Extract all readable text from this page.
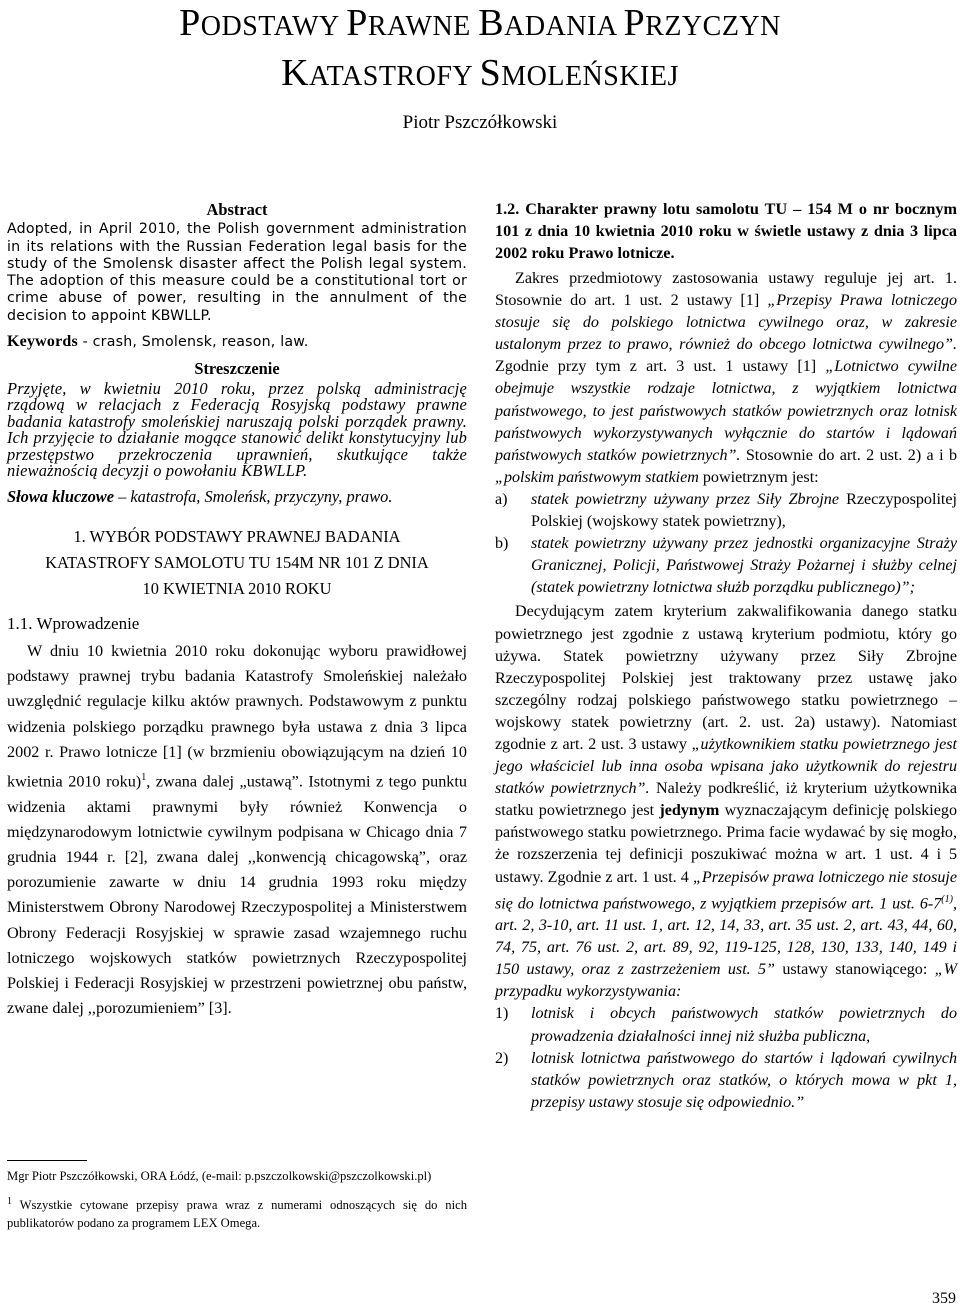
PODSTAWY PRAWNE BADANIA PRZYCZYN
KATASTROFY SMOLEŃSKIEJ
Piotr Pszczółkowski

Abstract

Adopted, in April 2010, the Polish government administration in its relations with the Russian Federation legal basis for the study of the Smolensk disaster affect the Polish legal system. The adoption of this measure could be a constitutional tort or crime abuse of power, resulting in the annulment of the decision to appoint KBWLLP.

Keywords - crash, Smolensk, reason, law.

Streszczenie

Przyjęte, w kwietniu 2010 roku, przez polską administrację rządową w relacjach z Federacją Rosyjską podstawy prawne badania katastrofy smoleńskiej naruszają polski porządek prawny. Ich przyjęcie to działanie mogące stanowić delikt konstytucyjny lub przestępstwo przekroczenia uprawnień, skutkujące także nieważnością decyzji o powołaniu KBWLLP.

Słowa kluczowe – katastrofa, Smoleńsk, przyczyny, prawo.

1. WYBÓR PODSTAWY PRAWNEJ BADANIA
KATASTROFY SAMOLOTU TU 154M NR 101 Z DNIA
10 KWIETNIA 2010 ROKU

1.1. Wprowadzenie

W dniu 10 kwietnia 2010 roku dokonując wyboru prawidłowej podstawy prawnej trybu badania Katastrofy Smoleńskiej należało uwzględnić regulacje kilku aktów prawnych. Podstawowym z punktu widzenia polskiego porządku prawnego była ustawa z dnia 3 lipca 2002 r. Prawo lotnicze [1] (w brzmieniu obowiązującym na dzień 10 kwietnia 2010 roku)$^1$, zwana dalej „ustawą”. Istotnymi z tego punktu widzenia aktami prawnymi były również Konwencja o międzynarodowym lotnictwie cywilnym podpisana w Chicago dnia 7 grudnia 1944 r. [2], zwana dalej ,,konwencją chicagowską”, oraz porozumienie zawarte w dniu 14 grudnia 1993 roku między Ministerstwem Obrony Narodowej Rzeczypospolitej a Ministerstwem Obrony Federacji Rosyjskiej w sprawie zasad wzajemnego ruchu lotniczego wojskowych statków powietrznych Rzeczypospolitej Polskiej i Federacji Rosyjskiej w przestrzeni powietrznej obu państw, zwane dalej ,,porozumieniem” [3].

Mgr Piotr Pszczółkowski, ORA Łódź, (e-mail: p.pszczolkowski@pszczolkowski.pl)
$^1$ Wszystkie cytowane przepisy prawa wraz z numerami odnoszących się do nich publikatorów podano za programem LEX Omega.

1.2. Charakter prawny lotu samolotu TU – 154 M o nr bocznym 101 z dnia 10 kwietnia 2010 roku w świetle ustawy z dnia 3 lipca 2002 roku Prawo lotnicze.

Zakres przedmiotowy zastosowania ustawy reguluje jej art. 1. Stosownie do art. 1 ust. 2 ustawy [1] „Przepisy Prawa lotniczego stosuje się do polskiego lotnictwa cywilnego oraz, w zakresie ustalonym przez to prawo, również do obcego lotnictwa cywilnego”. Zgodnie przy tym z art. 3 ust. 1 ustawy [1] „Lotnictwo cywilne obejmuje wszystkie rodzaje lotnictwa, z wyjątkiem lotnictwa państwowego, to jest państwowych statków powietrznych oraz lotnisk państwowych wykorzystywanych wyłącznie do startów i lądowań państwowych statków powietrznych”. Stosownie do art. 2 ust. 2) a i b „polskim państwowym statkiem powietrznym jest:

a) statek powietrzny używany przez Siły Zbrojne Rzeczypospolitej Polskiej (wojskowy statek powietrzny),
b) statek powietrzny używany przez jednostki organizacyjne Straży Granicznej, Policji, Państwowej Straży Pożarnej i służby celnej (statek powietrzny lotnictwa służb porządku publicznego)”;

Decydującym zatem kryterium zakwalifikowania danego statku powietrznego jest zgodnie z ustawą kryterium podmiotu, który go używa. Statek powietrzny używany przez Siły Zbrojne Rzeczypospolitej Polskiej jest traktowany przez ustawę jako szczególny rodzaj polskiego państwowego statku powietrznego – wojskowy statek powietrzny (art. 2. ust. 2a) ustawy). Natomiast zgodnie z art. 2 ust. 3 ustawy „użytkownikiem statku powietrznego jest jego właściciel lub inna osoba wpisana jako użytkownik do rejestru statków powietrznych”. Należy podkreślić, iż kryterium użytkownika statku powietrznego jest jedynym wyznaczającym definicję polskiego państwowego statku powietrznego. Prima facie wydawać by się mogło, że rozszerzenia tej definicji poszukiwać można w art. 1 ust. 4 i 5 ustawy. Zgodnie z art. 1 ust. 4 „Przepisów prawa lotniczego nie stosuje się do lotnictwa państwowego, z wyjątkiem przepisów art. 1 ust. 6-7$^{(1)}$, art. 2, 3-10, art. 11 ust. 1, art. 12, 14, 33, art. 35 ust. 2, art. 43, 44, 60, 74, 75, art. 76 ust. 2, art. 89, 92, 119-125, 128, 130, 133, 140, 149 i 150 ustawy, oraz z zastrzeżeniem ust. 5” ustawy stanowiącego: „W przypadku wykorzystywania:

1) lotnisk i obcych państwowych statków powietrznych do prowadzenia działalności innej niż służba publiczna,
2) lotnisk lotnictwa państwowego do startów i lądowań cywilnych statków powietrznych oraz statków, o których mowa w pkt 1, przepisy ustawy stosuje się odpowiednio.”
359
